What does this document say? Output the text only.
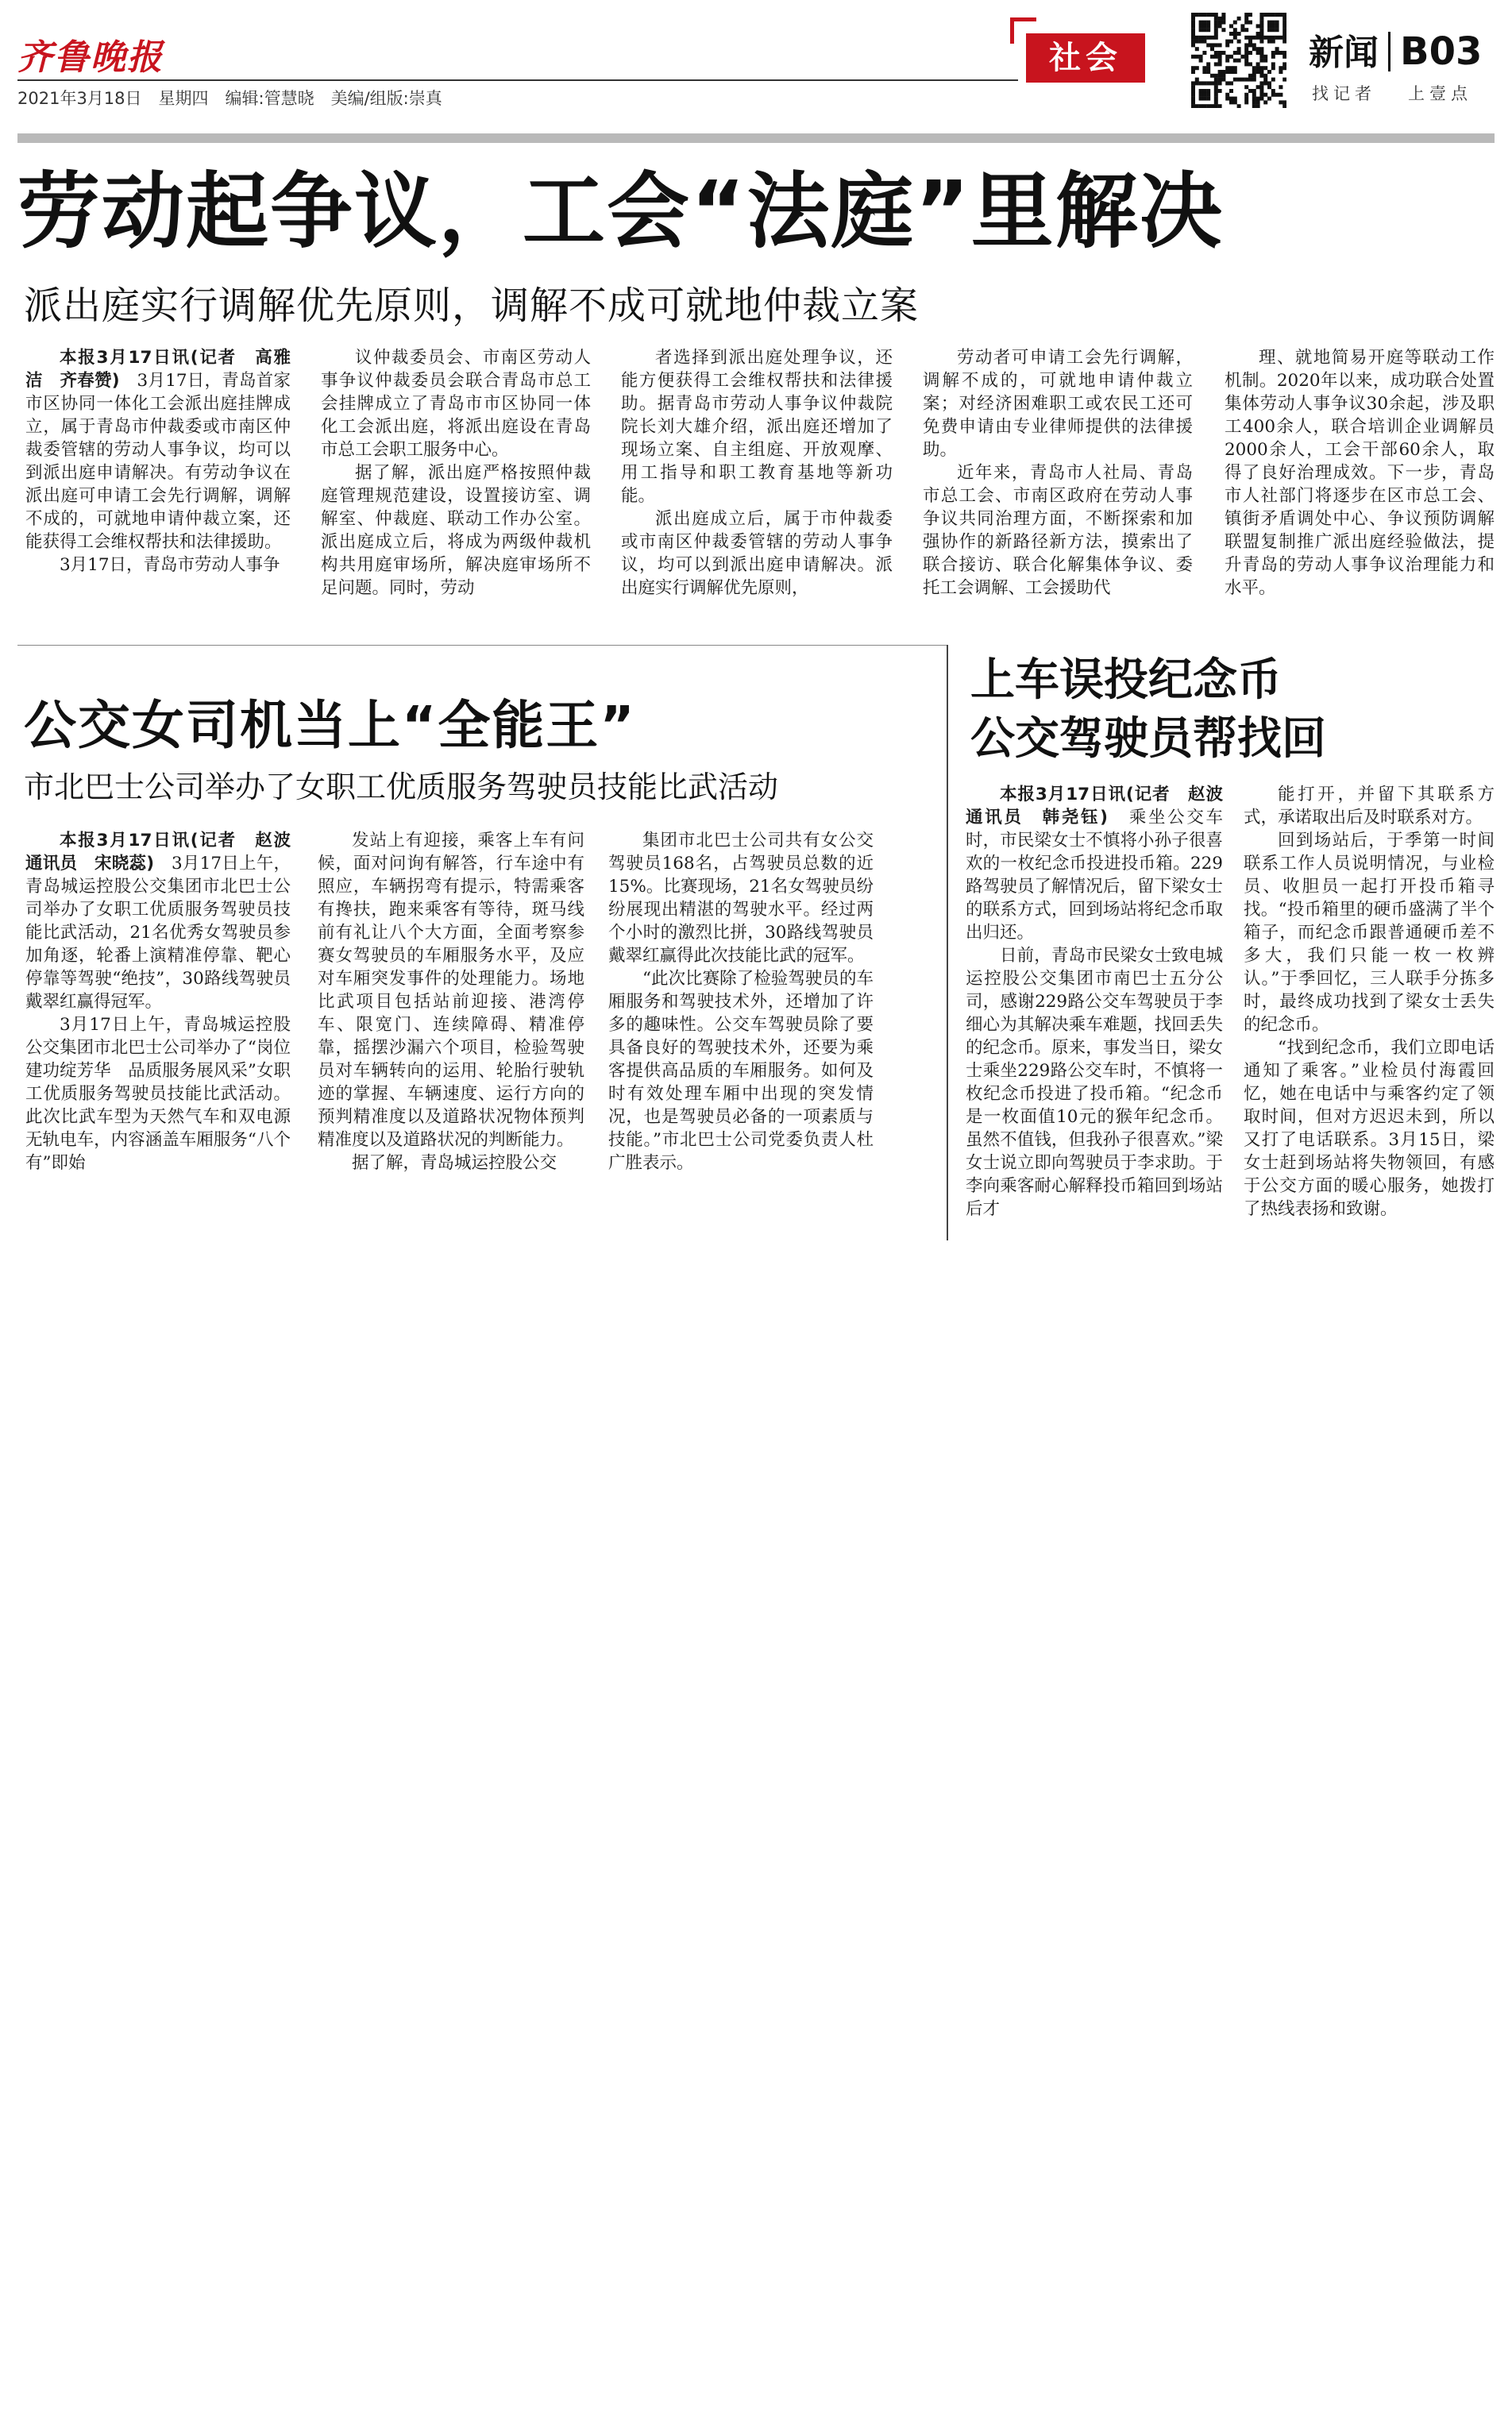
齐鲁晚报
2021年3月18日　星期四　编辑:管慧晓　美编/组版:崇真
社会	新闻 B03
找记者 上壹点
劳动起争议，工会“法庭”里解决
派出庭实行调解优先原则，调解不成可就地仲裁立案

本报3月17日讯(记者　高雅洁　齐春赞)　3月17日，青岛首家市区协同一体化工会派出庭挂牌成立，属于青岛市仲裁委或市南区仲裁委管辖的劳动人事争议，均可以到派出庭申请解决。有劳动争议在派出庭可申请工会先行调解，调解不成的，可就地申请仲裁立案，还能获得工会维权帮扶和法律援助。

3月17日，青岛市劳动人事争

议仲裁委员会、市南区劳动人事争议仲裁委员会联合青岛市总工会挂牌成立了青岛市市区协同一体化工会派出庭，将派出庭设在青岛市总工会职工服务中心。

据了解，派出庭严格按照仲裁庭管理规范建设，设置接访室、调解室、仲裁庭、联动工作办公室。派出庭成立后，将成为两级仲裁机构共用庭审场所，解决庭审场所不足问题。同时，劳动

者选择到派出庭处理争议，还能方便获得工会维权帮扶和法律援助。据青岛市劳动人事争议仲裁院院长刘大雄介绍，派出庭还增加了现场立案、自主组庭、开放观摩、用工指导和职工教育基地等新功能。

派出庭成立后，属于市仲裁委或市南区仲裁委管辖的劳动人事争议，均可以到派出庭申请解决。派出庭实行调解优先原则，

劳动者可申请工会先行调解，调解不成的，可就地申请仲裁立案；对经济困难职工或农民工还可免费申请由专业律师提供的法律援助。

近年来，青岛市人社局、青岛市总工会、市南区政府在劳动人事争议共同治理方面，不断探索和加强协作的新路径新方法，摸索出了联合接访、联合化解集体争议、委托工会调解、工会援助代

理、就地简易开庭等联动工作机制。2020年以来，成功联合处置集体劳动人事争议30余起，涉及职工400余人，联合培训企业调解员2000余人，工会干部60余人，取得了良好治理成效。下一步，青岛市人社部门将逐步在区市总工会、镇街矛盾调处中心、争议预防调解联盟复制推广派出庭经验做法，提升青岛的劳动人事争议治理能力和水平。

公交女司机当上“全能王”
市北巴士公司举办了女职工优质服务驾驶员技能比武活动

本报3月17日讯(记者　赵波　通讯员　宋晓蕊)　3月17日上午，青岛城运控股公交集团市北巴士公司举办了女职工优质服务驾驶员技能比武活动，21名优秀女驾驶员参加角逐，轮番上演精准停靠、靶心停靠等驾驶“绝技”，30路线驾驶员戴翠红赢得冠军。

3月17日上午，青岛城运控股公交集团市北巴士公司举办了“岗位建功绽芳华　品质服务展风采”女职工优质服务驾驶员技能比武活动。此次比武车型为天然气车和双电源无轨电车，内容涵盖车厢服务“八个有”即始

发站上有迎接，乘客上车有问候，面对问询有解答，行车途中有照应，车辆拐弯有提示，特需乘客有搀扶，跑来乘客有等待，斑马线前有礼让八个大方面，全面考察参赛女驾驶员的车厢服务水平，及应对车厢突发事件的处理能力。场地比武项目包括站前迎接、港湾停车、限宽门、连续障碍、精准停靠，摇摆沙漏六个项目，检验驾驶员对车辆转向的运用、轮胎行驶轨迹的掌握、车辆速度、运行方向的预判精准度以及道路状况物体预判精准度以及道路状况的判断能力。

据了解，青岛城运控股公交

集团市北巴士公司共有女公交驾驶员168名，占驾驶员总数的近15%。比赛现场，21名女驾驶员纷纷展现出精湛的驾驶水平。经过两个小时的激烈比拼，30路线驾驶员戴翠红赢得此次技能比武的冠军。

“此次比赛除了检验驾驶员的车厢服务和驾驶技术外，还增加了许多的趣味性。公交车驾驶员除了要具备良好的驾驶技术外，还要为乘客提供高品质的车厢服务。如何及时有效处理车厢中出现的突发情况，也是驾驶员必备的一项素质与技能。”市北巴士公司党委负责人杜广胜表示。

上车误投纪念币
公交驾驶员帮找回

本报3月17日讯(记者　赵波　通讯员　韩尧钰)　乘坐公交车时，市民梁女士不慎将小孙子很喜欢的一枚纪念币投进投币箱。229路驾驶员了解情况后，留下梁女士的联系方式，回到场站将纪念币取出归还。

日前，青岛市民梁女士致电城运控股公交集团市南巴士五分公司，感谢229路公交车驾驶员于李细心为其解决乘车难题，找回丢失的纪念币。原来，事发当日，梁女士乘坐229路公交车时，不慎将一枚纪念币投进了投币箱。“纪念币是一枚面值10元的猴年纪念币。虽然不值钱，但我孙子很喜欢。”梁女士说立即向驾驶员于李求助。于李向乘客耐心解释投币箱回到场站后才

能打开，并留下其联系方式，承诺取出后及时联系对方。

回到场站后，于季第一时间联系工作人员说明情况，与业检员、收胆员一起打开投币箱寻找。“投币箱里的硬币盛满了半个箱子，而纪念币跟普通硬币差不多大，我们只能一枚一枚辨认。”于季回忆，三人联手分拣多时，最终成功找到了梁女士丢失的纪念币。

“找到纪念币，我们立即电话通知了乘客。”业检员付海霞回忆，她在电话中与乘客约定了领取时间，但对方迟迟未到，所以又打了电话联系。3月15日，梁女士赶到场站将失物领回，有感于公交方面的暖心服务，她拨打了热线表扬和致谢。
